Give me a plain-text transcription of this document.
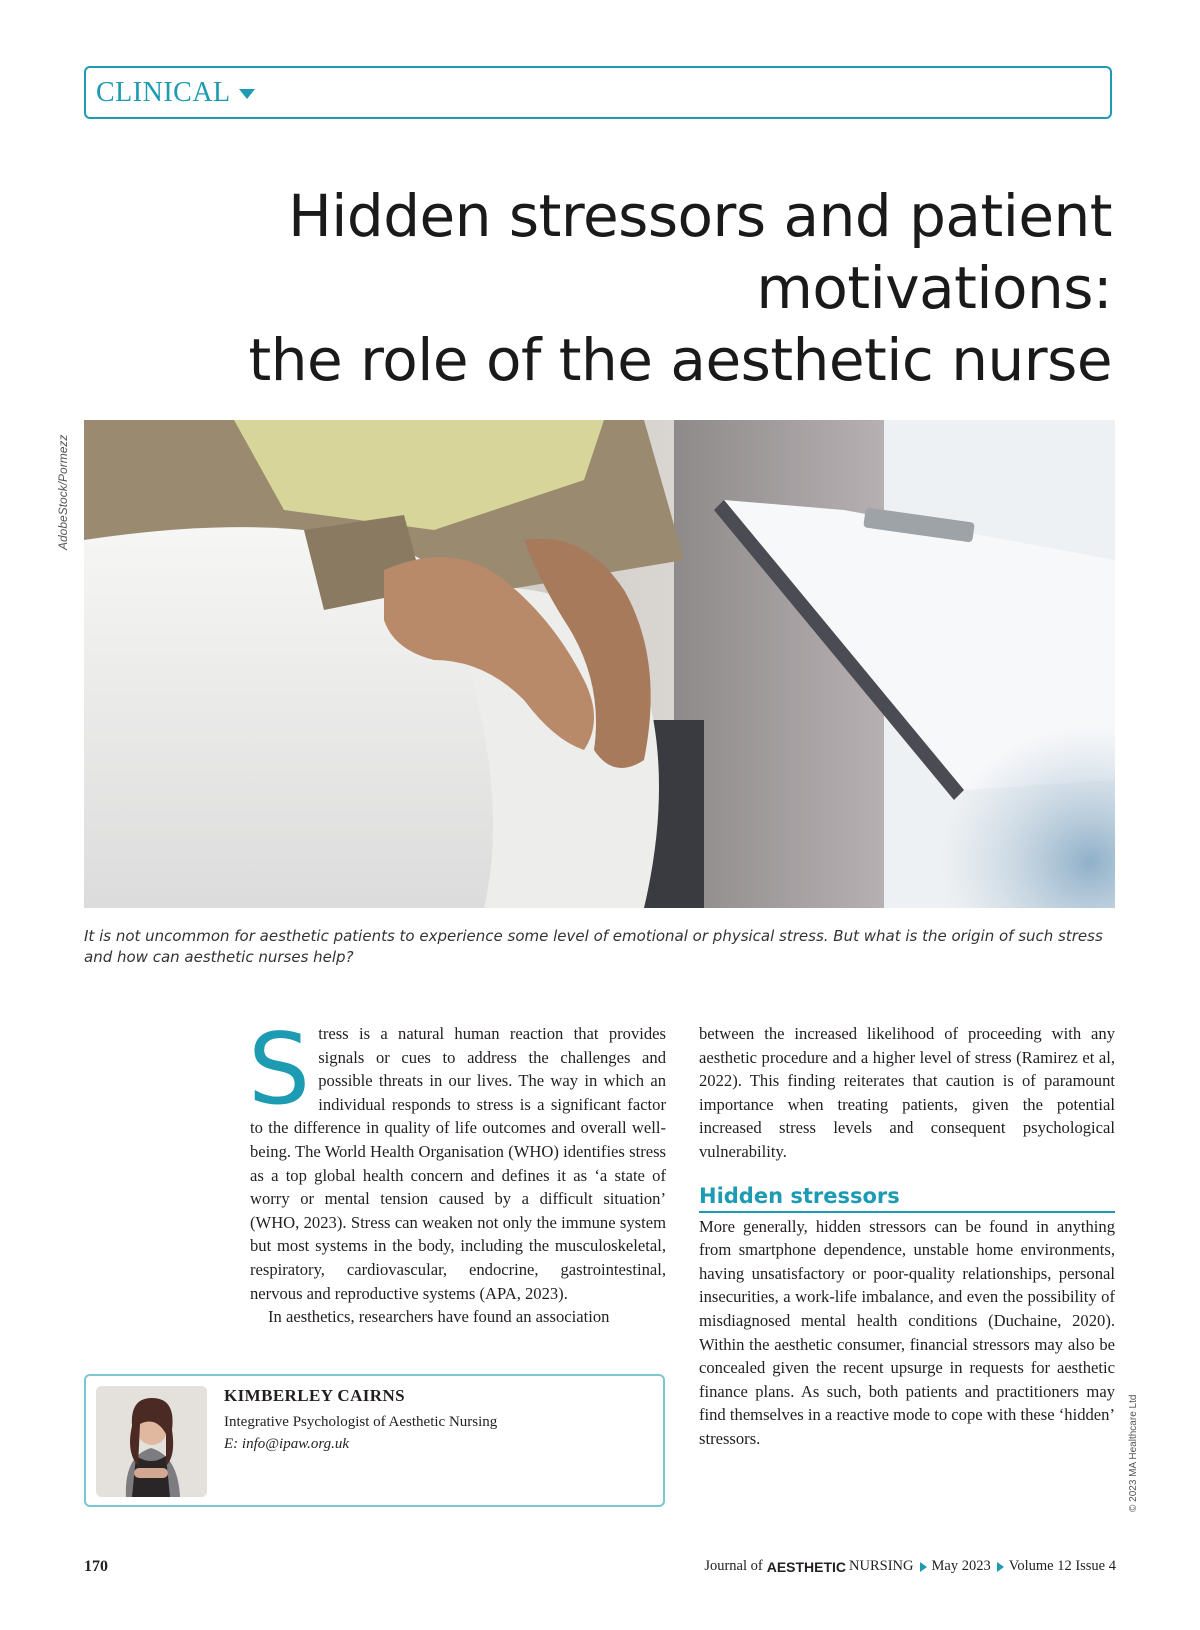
CLINICAL
Hidden stressors and patient motivations:
the role of the aesthetic nurse
AdobeStock/Pormezz

It is not uncommon for aesthetic patients to experience some level of emotional or physical stress. But what is the origin of such stress and how can aesthetic nurses help?

Stress is a natural human reaction that provides signals or cues to address the challenges and possible threats in our lives. The way in which an individual responds to stress is a significant factor to the difference in quality of life outcomes and overall well-being. The World Health Organisation (WHO) identifies stress as a top global health concern and defines it as ‘a state of worry or mental tension caused by a difficult situation’ (WHO, 2023). Stress can weaken not only the immune system but most systems in the body, including the musculoskeletal, respiratory, cardiovascular, endocrine, gastrointestinal, nervous and reproductive systems (APA, 2023).

In aesthetics, researchers have found an association

between the increased likelihood of proceeding with any aesthetic procedure and a higher level of stress (Ramirez et al, 2022). This finding reiterates that caution is of paramount importance when treating patients, given the potential increased stress levels and consequent psychological vulnerability.

Hidden stressors

More generally, hidden stressors can be found in anything from smartphone dependence, unstable home environments, having unsatisfactory or poor-quality relationships, personal insecurities, a work-life imbalance, and even the possibility of misdiagnosed mental health conditions (Duchaine, 2020). Within the aesthetic consumer, financial stressors may also be concealed given the recent upsurge in requests for aesthetic finance plans. As such, both patients and practitioners may find themselves in a reactive mode to cope with these ‘hidden’ stressors.

KIMBERLEY CAIRNS

Integrative Psychologist of Aesthetic Nursing

E: info@ipaw.org.uk	© 2023 MA Healthcare Ltd
170	Journal of AESTHETIC NURSING May 2023 Volume 12 Issue 4
